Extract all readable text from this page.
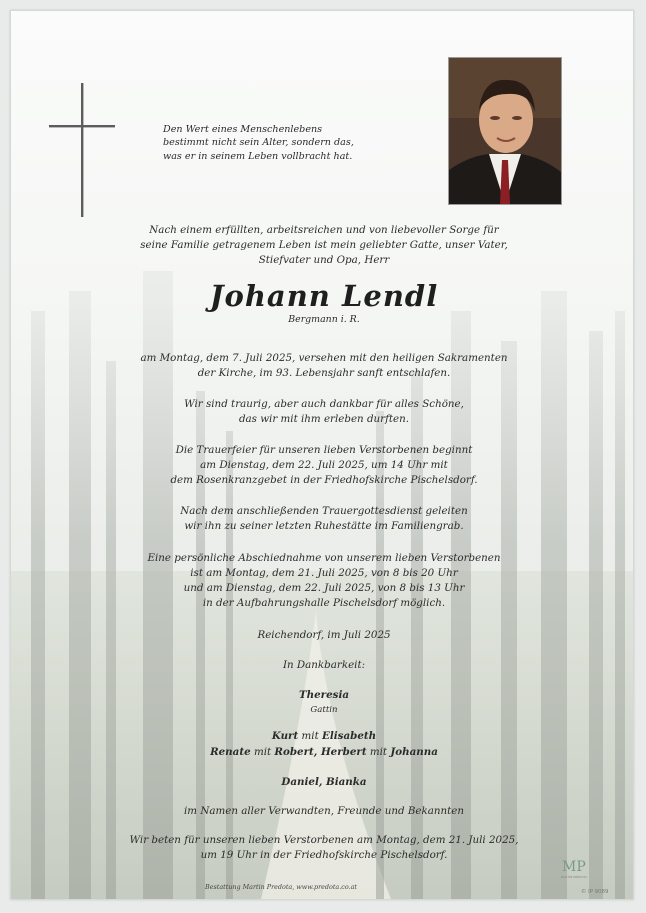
Den Wert eines Menschenlebens
bestimmt nicht sein Alter, sondern das,
was er in seinem Leben vollbracht hat.
Nach einem erfüllten, arbeitsreichen und von liebevoller Sorge für
seine Familie getragenem Leben ist mein geliebter Gatte, unser Vater,
Stiefvater und Opa, Herr
Johann Lendl
Bergmann i. R.
am Montag, dem 7. Juli 2025, versehen mit den heiligen Sakramenten
der Kirche, im 93. Lebensjahr sanft entschlafen.
Wir sind traurig, aber auch dankbar für alles Schöne,
das wir mit ihm erleben durften.
Die Trauerfeier für unseren lieben Verstorbenen beginnt
am Dienstag, dem 22. Juli 2025, um 14 Uhr mit
dem Rosenkranzgebet in der Friedhofskirche Pischelsdorf.
Nach dem anschließenden Trauergottesdienst geleiten
wir ihn zu seiner letzten Ruhestätte im Familiengrab.
Eine persönliche Abschiednahme von unserem lieben Verstorbenen
ist am Montag, dem 21. Juli 2025, von 8 bis 20 Uhr
und am Dienstag, dem 22. Juli 2025, von 8 bis 13 Uhr
in der Aufbahrungshalle Pischelsdorf möglich.
Reichendorf, im Juli 2025
In Dankbarkeit:
Theresia
Gattin
Kurt mit Elisabeth
Renate mit Robert, Herbert mit Johanna
Daniel, Bianka
im Namen aller Verwandten, Freunde und Bekannten
Wir beten für unseren lieben Verstorbenen am Montag, dem 21. Juli 2025,
um 19 Uhr in der Friedhofskirche Pischelsdorf.
Bestattung Martin Predota, www.predota.co.at
MP
MARTIN PREDOTA
© IP 9089
